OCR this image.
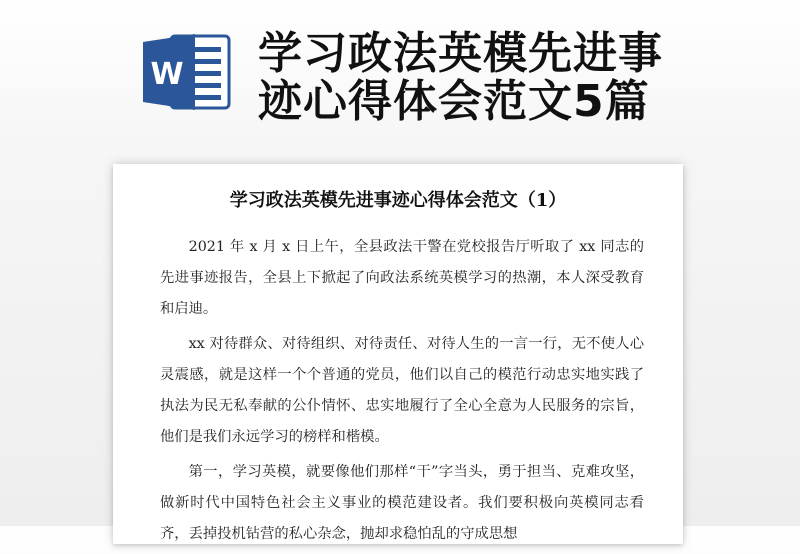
W 学习政法英模先进事
迹心得体会范文5篇
学习政法英模先进事迹心得体会范文（1）

2021 年 x 月 x 日上午，全县政法干警在党校报告厅听取了 xx 同志的先进事迹报告，全县上下掀起了向政法系统英模学习的热潮，本人深受教育和启迪。

xx 对待群众、对待组织、对待责任、对待人生的一言一行，无不使人心灵震感，就是这样一个个普通的党员，他们以自己的模范行动忠实地实践了执法为民无私奉献的公仆情怀、忠实地履行了全心全意为人民服务的宗旨，他们是我们永远学习的榜样和楷模。

第一，学习英模，就要像他们那样“干”字当头，勇于担当、克难攻坚，做新时代中国特色社会主义事业的模范建设者。我们要积极向英模同志看齐，丢掉投机钻营的私心杂念，抛却求稳怕乱的守成思想
